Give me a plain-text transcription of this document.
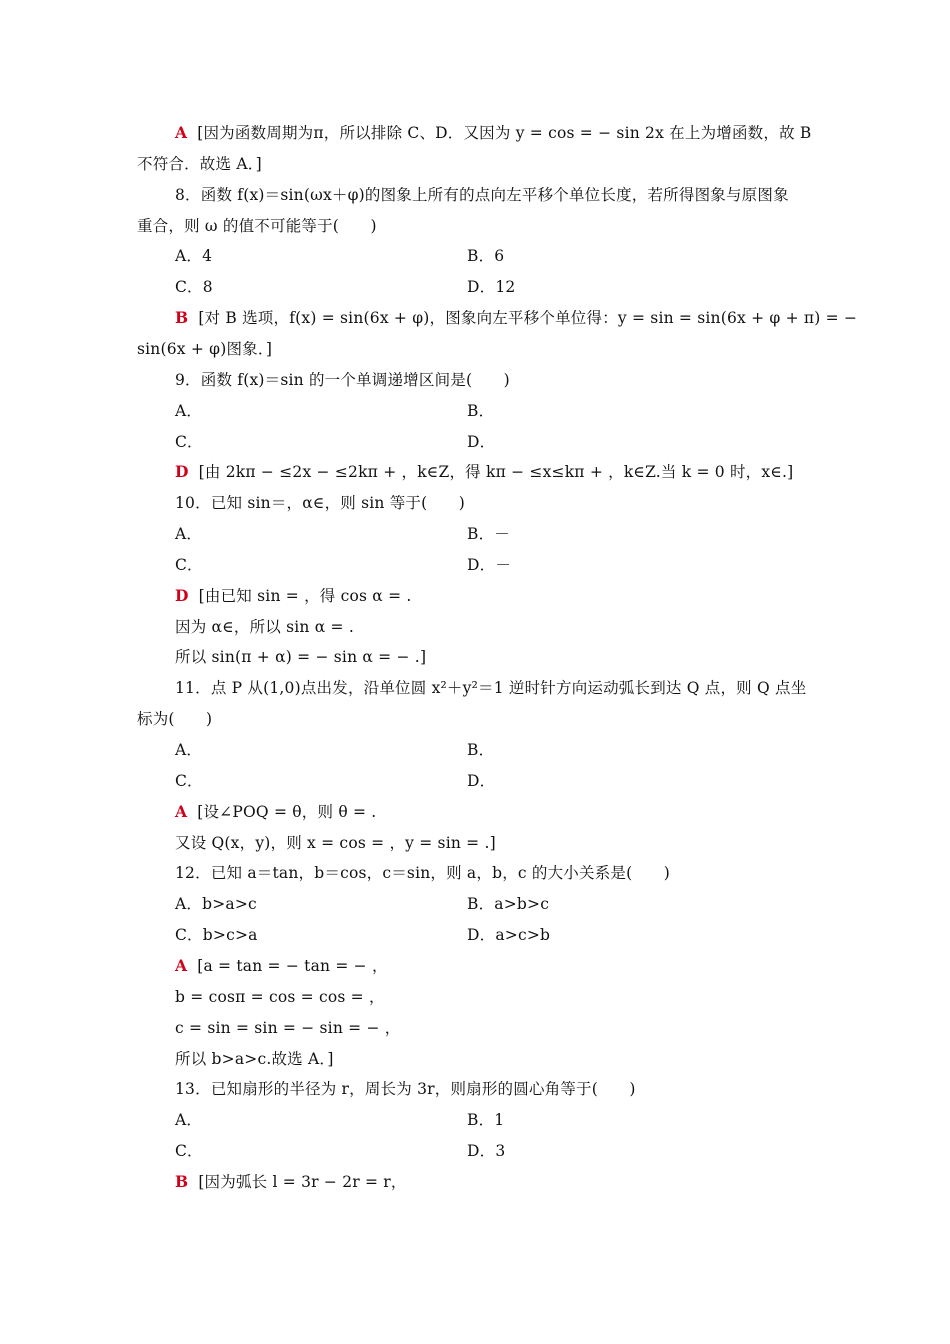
A [因为函数周期为π，所以排除 C、D．又因为 y = cos = − sin 2x 在上为增函数，故 B
不符合．故选 A．]
8．函数 f(x)＝sin(ωx＋φ)的图象上所有的点向左平移个单位长度，若所得图象与原图象
重合，则 ω 的值不可能等于(　　)
A．4	B．6
C．8	D．12
B [对 B 选项，f(x) = sin(6x + φ)，图象向左平移个单位得：y = sin = sin(6x + φ + π) = −
sin(6x + φ)图象．]
9．函数 f(x)＝sin 的一个单调递增区间是(　　)
A．	B．
C．	D．
D [由 2kπ − ≤2x − ≤2kπ + ，k∈Z，得 kπ − ≤x≤kπ + ，k∈Z.当 k = 0 时，x∈.]
10．已知 sin＝，α∈，则 sin 等于(　　)
A．	B．－
C．	D．－
D [由已知 sin = ，得 cos α = .
因为 α∈，所以 sin α = .
所以 sin(π + α) = − sin α = − .]
11．点 P 从(1,0)点出发，沿单位圆 x²＋y²＝1 逆时针方向运动弧长到达 Q 点，则 Q 点坐
标为(　　)
A．	B．
C．	D．
A [设∠POQ = θ，则 θ = .
又设 Q(x，y)，则 x = cos = ，y = sin = .]
12．已知 a＝tan，b＝cos，c＝sin，则 a，b，c 的大小关系是(　　)
A．b>a>c	B．a>b>c
C．b>c>a	D．a>c>b
A [a = tan = − tan = − ，
b = cosπ = cos = cos = ，
c = sin = sin = − sin = − ，
所以 b>a>c.故选 A．]
13．已知扇形的半径为 r，周长为 3r，则扇形的圆心角等于(　　)
A．	B．1
C．	D．3
B [因为弧长 l = 3r − 2r = r，
